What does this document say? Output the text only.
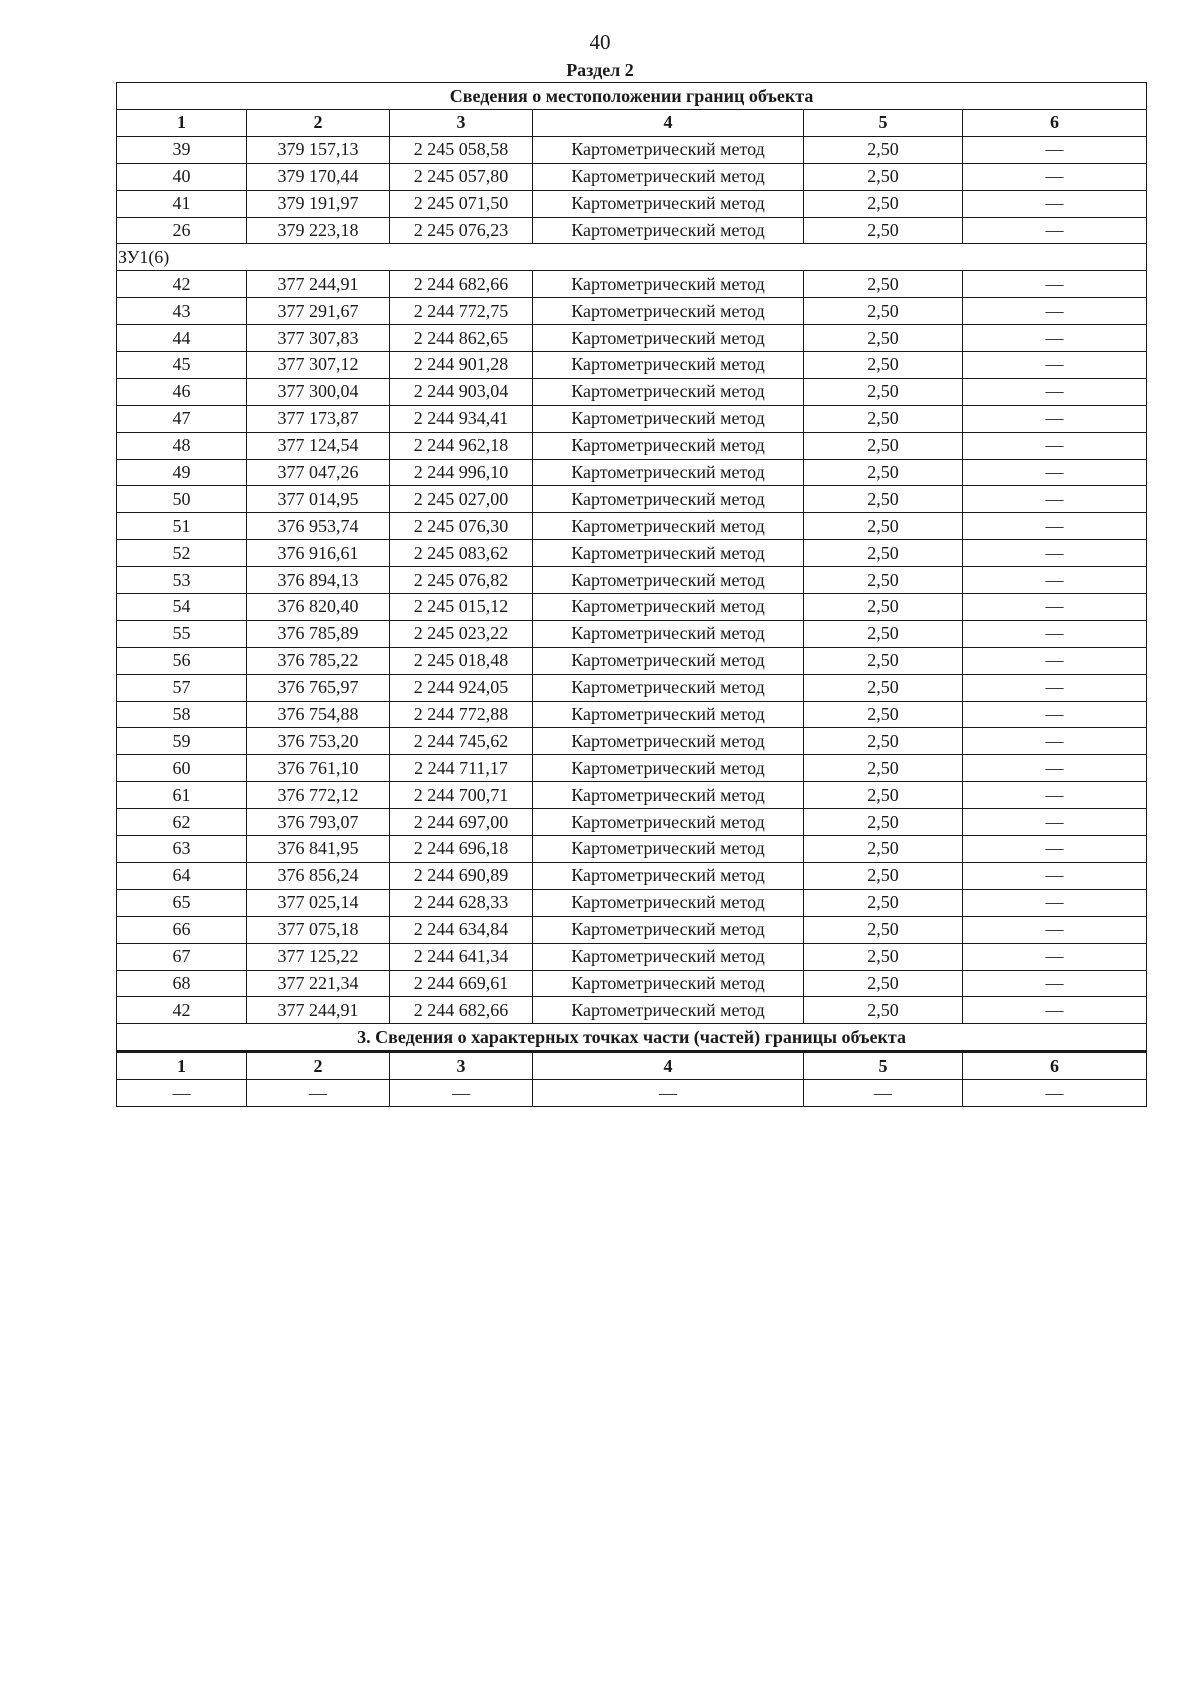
40
Раздел 2
Сведения о местоположении границ объекта					
1	2	3	4	5	6
39	379 157,13	2 245 058,58	Картометрический метод	2,50	—
40	379 170,44	2 245 057,80	Картометрический метод	2,50	—
41	379 191,97	2 245 071,50	Картометрический метод	2,50	—
26	379 223,18	2 245 076,23	Картометрический метод	2,50	—
ЗУ1(6)					
42	377 244,91	2 244 682,66	Картометрический метод	2,50	—
43	377 291,67	2 244 772,75	Картометрический метод	2,50	—
44	377 307,83	2 244 862,65	Картометрический метод	2,50	—
45	377 307,12	2 244 901,28	Картометрический метод	2,50	—
46	377 300,04	2 244 903,04	Картометрический метод	2,50	—
47	377 173,87	2 244 934,41	Картометрический метод	2,50	—
48	377 124,54	2 244 962,18	Картометрический метод	2,50	—
49	377 047,26	2 244 996,10	Картометрический метод	2,50	—
50	377 014,95	2 245 027,00	Картометрический метод	2,50	—
51	376 953,74	2 245 076,30	Картометрический метод	2,50	—
52	376 916,61	2 245 083,62	Картометрический метод	2,50	—
53	376 894,13	2 245 076,82	Картометрический метод	2,50	—
54	376 820,40	2 245 015,12	Картометрический метод	2,50	—
55	376 785,89	2 245 023,22	Картометрический метод	2,50	—
56	376 785,22	2 245 018,48	Картометрический метод	2,50	—
57	376 765,97	2 244 924,05	Картометрический метод	2,50	—
58	376 754,88	2 244 772,88	Картометрический метод	2,50	—
59	376 753,20	2 244 745,62	Картометрический метод	2,50	—
60	376 761,10	2 244 711,17	Картометрический метод	2,50	—
61	376 772,12	2 244 700,71	Картометрический метод	2,50	—
62	376 793,07	2 244 697,00	Картометрический метод	2,50	—
63	376 841,95	2 244 696,18	Картометрический метод	2,50	—
64	376 856,24	2 244 690,89	Картометрический метод	2,50	—
65	377 025,14	2 244 628,33	Картометрический метод	2,50	—
66	377 075,18	2 244 634,84	Картометрический метод	2,50	—
67	377 125,22	2 244 641,34	Картометрический метод	2,50	—
68	377 221,34	2 244 669,61	Картометрический метод	2,50	—
42	377 244,91	2 244 682,66	Картометрический метод	2,50	—
3. Сведения о характерных точках части (частей) границы объекта					
1	2	3	4	5	6
—	—	—	—	—	—
